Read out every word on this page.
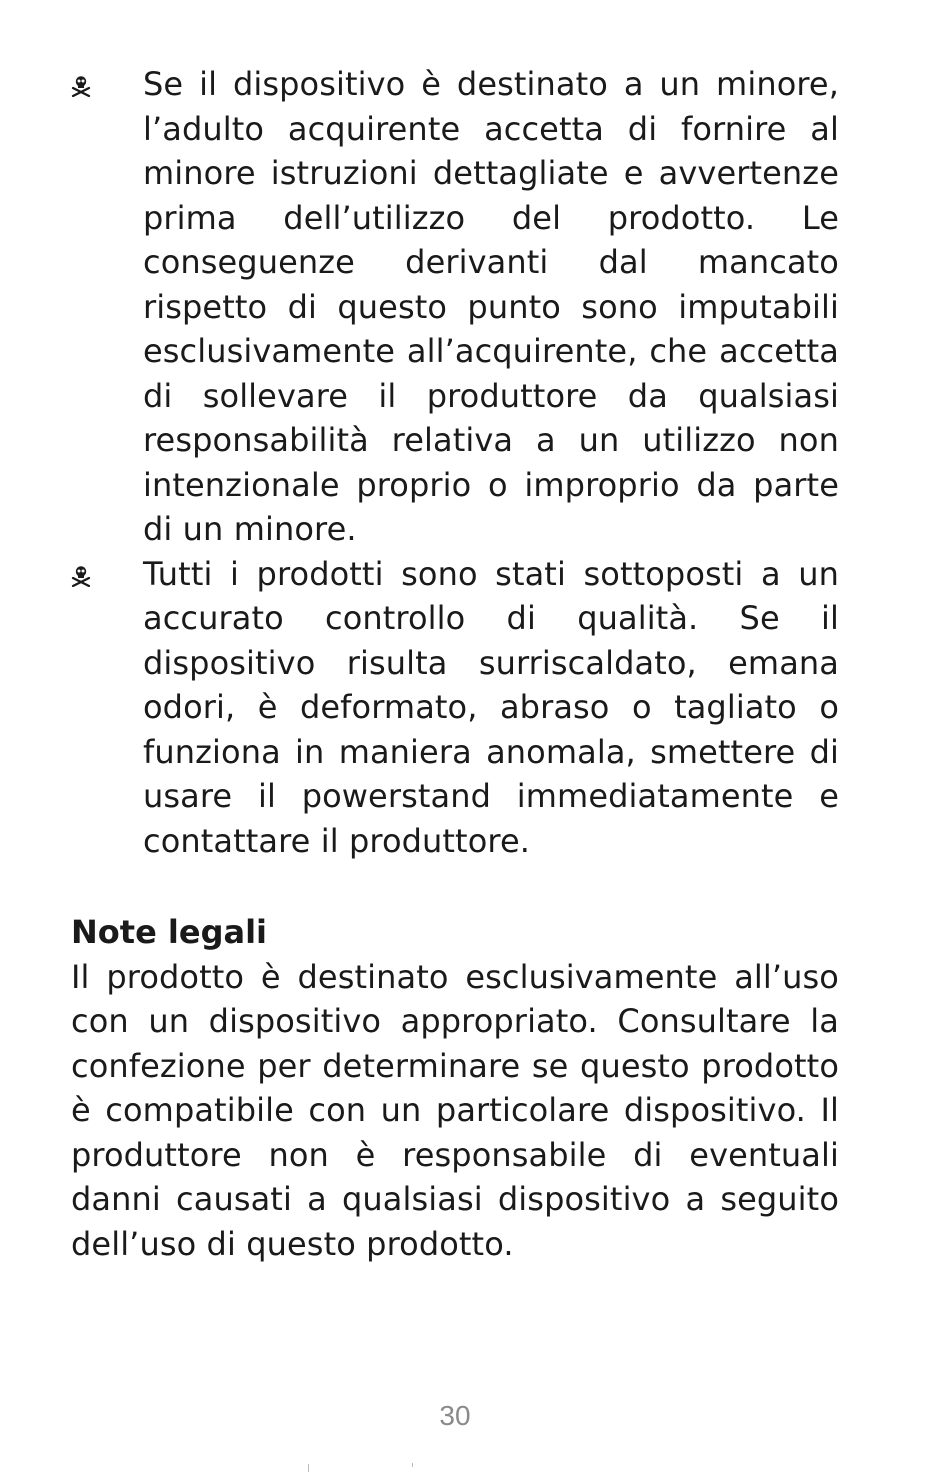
Se il dispositivo è destinato a un minore, l’adulto acquirente accetta di fornire al minore istruzioni dettagliate e avvertenze prima dell’utilizzo del prodotto. Le conseguenze derivanti dal mancato rispetto di questo punto sono imputabili esclusivamente all’acquirente, che accetta di sollevare il produttore da qualsiasi responsabilità relativa a un utilizzo non intenzionale proprio o improprio da parte di un minore.
Tutti i prodotti sono stati sottoposti a un accurato controllo di qualità. Se il dispositivo risulta surriscaldato, emana odori, è deformato, abraso o tagliato o funziona in maniera anomala, smettere di usare il powerstand immediatamente e contattare il produttore.
Note legali
Il prodotto è destinato esclusivamente all’uso con un dispositivo appropriato. Consultare la confezione per determinare se questo prodotto è compatibile con un particolare dispositivo. Il produttore non è responsabile di eventuali danni causati a qualsiasi dispositivo a seguito dell’uso di questo prodotto.
30
